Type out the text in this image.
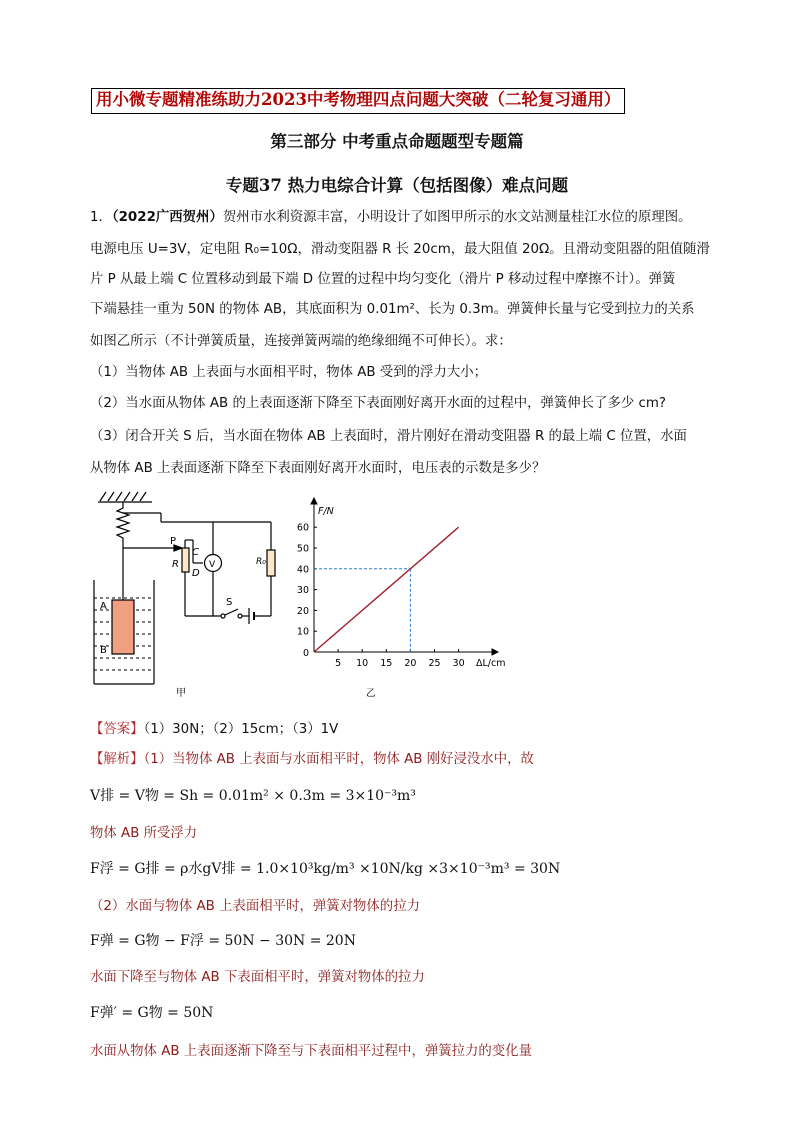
用小微专题精准练助力2023中考物理四点问题大突破（二轮复习通用）
第三部分 中考重点命题题型专题篇
专题37 热力电综合计算（包括图像）难点问题
1．（2022广西贺州）贺州市水利资源丰富，小明设计了如图甲所示的水文站测量桂江水位的原理图。
电源电压 U=3V，定电阻 R₀=10Ω，滑动变阻器 R 长 20cm，最大阻值 20Ω。且滑动变阻器的阻值随滑
片 P 从最上端 C 位置移动到最下端 D 位置的过程中均匀变化（滑片 P 移动过程中摩擦不计）。弹簧
下端悬挂一重为 50N 的物体 AB，其底面积为 0.01m²、长为 0.3m。弹簧伸长量与它受到拉力的关系
如图乙所示（不计弹簧质量，连接弹簧两端的绝缘细绳不可伸长）。求：
（1）当物体 AB 上表面与水面相平时，物体 AB 受到的浮力大小；
（2）当水面从物体 AB 的上表面逐渐下降至下表面刚好离开水面的过程中，弹簧伸长了多少 cm?
（3）闭合开关 S 后，当水面在物体 AB 上表面时，滑片刚好在滑动变阻器 R 的最上端 C 位置，水面
从物体 AB 上表面逐渐下降至下表面刚好离开水面时，电压表的示数是多少？
P
C
D
R	V	R₀
S
A
B
甲
5 10 15 20 25 30
10
20
30
40
50
60
0
F/N
ΔL/cm
乙
【答案】（1）30N；（2）15cm；（3）1V
【解析】（1）当物体 AB 上表面与水面相平时，物体 AB 刚好浸没水中，故
V排 = V物 = Sh = 0.01m² × 0.3m = 3×10⁻³m³
物体 AB 所受浮力
F浮 = G排 = ρ水gV排 = 1.0×10³kg/m³ ×10N/kg ×3×10⁻³m³ = 30N
（2）水面与物体 AB 上表面相平时，弹簧对物体的拉力
F弹 = G物 − F浮 = 50N − 30N = 20N
水面下降至与物体 AB 下表面相平时，弹簧对物体的拉力
F弹′ = G物 = 50N
水面从物体 AB 上表面逐渐下降至与下表面相平过程中，弹簧拉力的变化量
